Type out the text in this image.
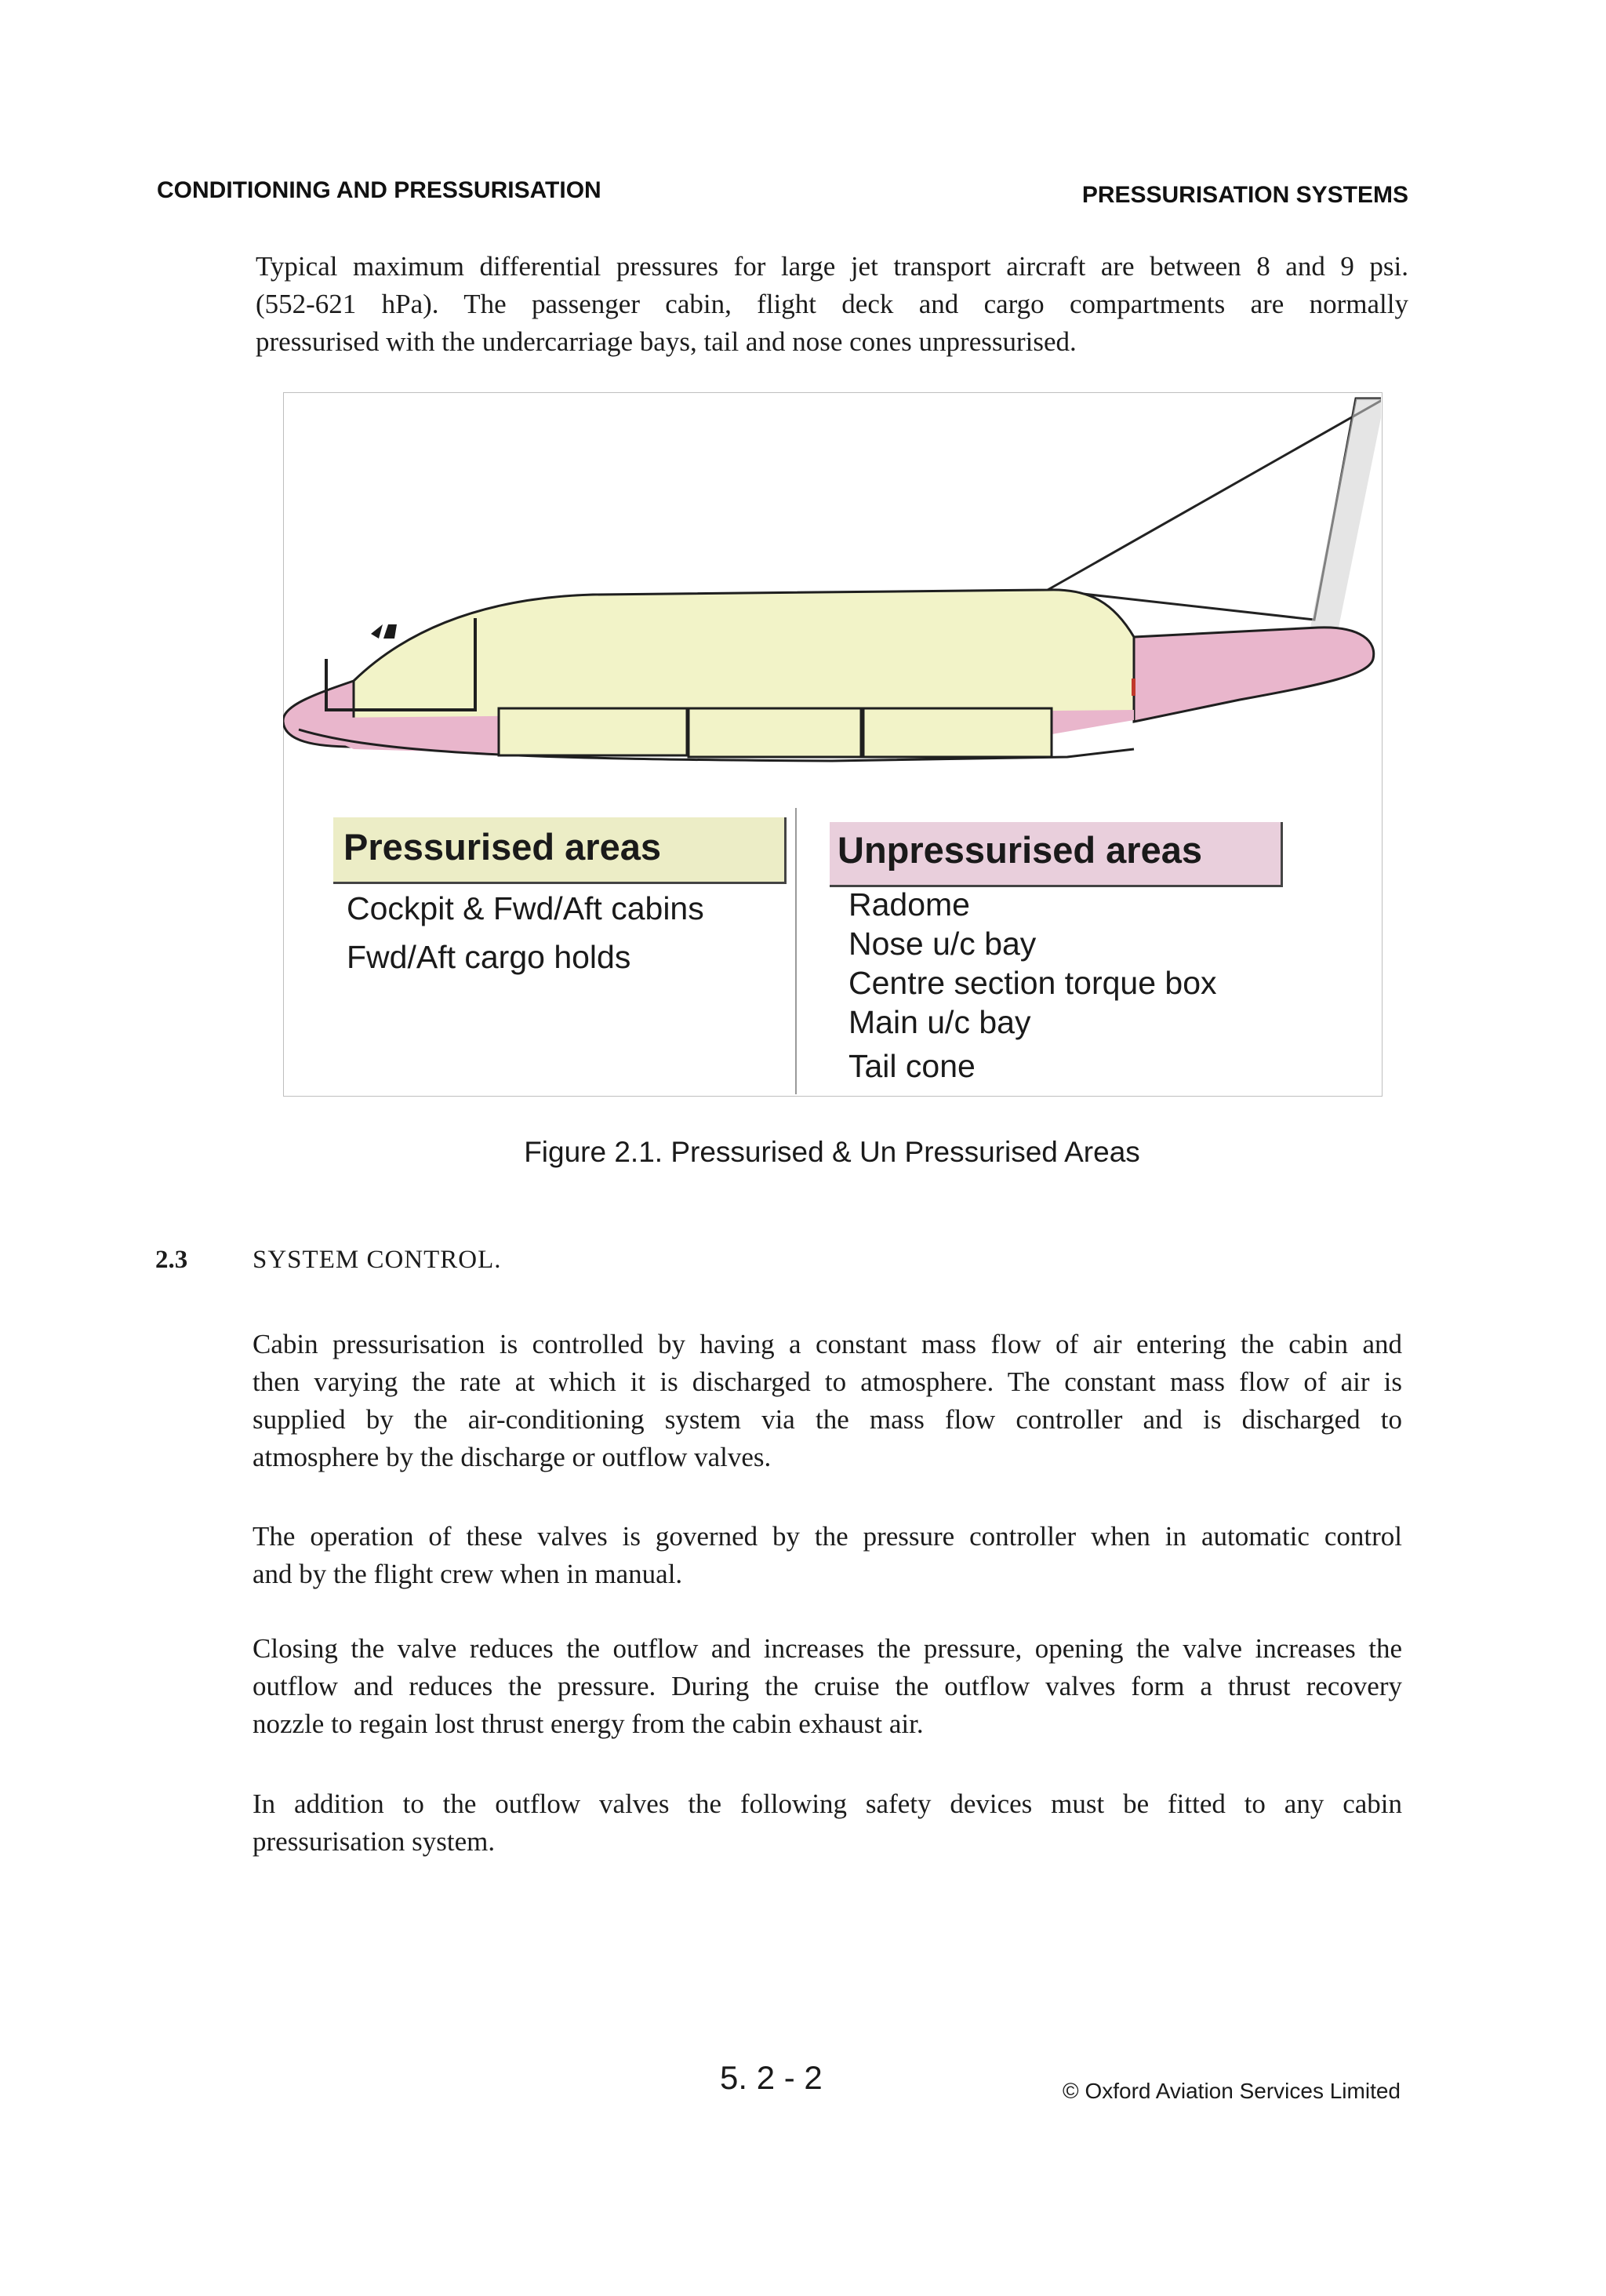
CONDITIONING AND PRESSURISATION	PRESSURISATION SYSTEMS
Typical maximum differential pressures for large jet transport aircraft are between 8 and 9 psi.
(552-621 hPa). The passenger cabin, flight deck and cargo compartments are normally
pressurised with the undercarriage bays, tail and nose cones unpressurised.
Pressurised areas
Cockpit & Fwd/Aft cabins
Fwd/Aft cargo holds
Unpressurised areas
Radome
Nose u/c bay
Centre section torque box
Main u/c bay
Tail cone
Figure 2.1. Pressurised & Un Pressurised Areas
2.3	SYSTEM CONTROL.
Cabin pressurisation is controlled by having a constant mass flow of air entering the cabin and
then varying the rate at which it is discharged to atmosphere. The constant mass flow of air is
supplied by the air-conditioning system via the mass flow controller and is discharged to
atmosphere by the discharge or outflow valves.
The operation of these valves is governed by the pressure controller when in automatic control
and by the flight crew when in manual.
Closing the valve reduces the outflow and increases the pressure, opening the valve increases the
outflow and reduces the pressure. During the cruise the outflow valves form a thrust recovery
nozzle to regain lost thrust energy from the cabin exhaust air.
In addition to the outflow valves the following safety devices must be fitted to any cabin
pressurisation system.
5. 2 - 2	© Oxford Aviation Services Limited
